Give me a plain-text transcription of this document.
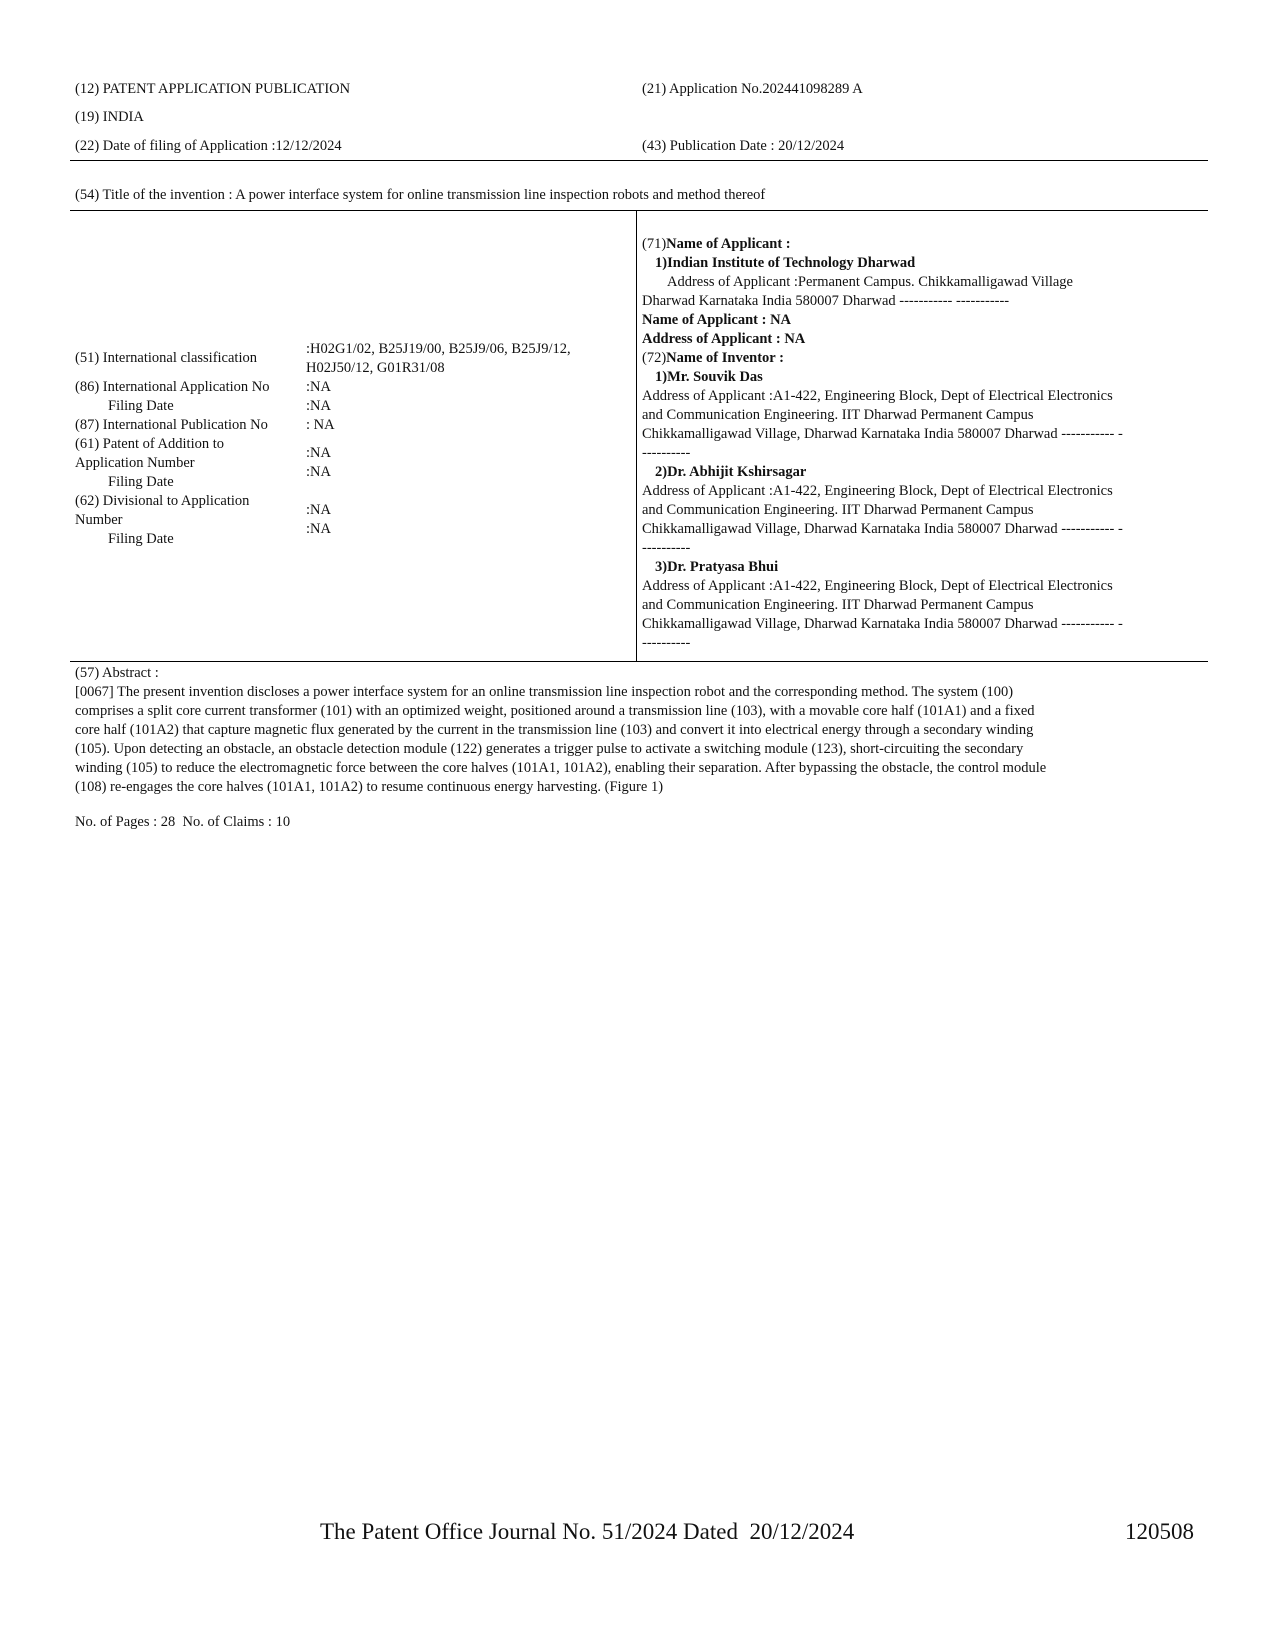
(12) PATENT APPLICATION PUBLICATION
(19) INDIA
(22) Date of filing of Application :12/12/2024
(21) Application No.202441098289 A
(43) Publication Date : 20/12/2024
(54) Title of the invention : A power interface system for online transmission line inspection robots and method thereof
(51) International classification
:H02G1/02, B25J19/00, B25J9/06, B25J9/12,
H02J50/12, G01R31/08
(86) International Application No	:NA
Filing Date	:NA
(87) International Publication No	: NA
(61) Patent of Addition to
Application Number
:NA
Filing Date
:NA
(62) Divisional to Application
Number
:NA
Filing Date
:NA
(71)Name of Applicant :
1)Indian Institute of Technology Dharwad
Address of Applicant :Permanent Campus. Chikkamalligawad Village
Dharwad Karnataka India 580007 Dharwad ----------- -----------
Name of Applicant : NA
Address of Applicant : NA
(72)Name of Inventor :
1)Mr. Souvik Das
Address of Applicant :A1-422, Engineering Block, Dept of Electrical Electronics
and Communication Engineering. IIT Dharwad Permanent Campus
Chikkamalligawad Village, Dharwad Karnataka India 580007 Dharwad ----------- -
----------
2)Dr. Abhijit Kshirsagar
Address of Applicant :A1-422, Engineering Block, Dept of Electrical Electronics
and Communication Engineering. IIT Dharwad Permanent Campus
Chikkamalligawad Village, Dharwad Karnataka India 580007 Dharwad ----------- -
----------
3)Dr. Pratyasa Bhui
Address of Applicant :A1-422, Engineering Block, Dept of Electrical Electronics
and Communication Engineering. IIT Dharwad Permanent Campus
Chikkamalligawad Village, Dharwad Karnataka India 580007 Dharwad ----------- -
----------
(57) Abstract :
[0067] The present invention discloses a power interface system for an online transmission line inspection robot and the corresponding method. The system (100)
comprises a split core current transformer (101) with an optimized weight, positioned around a transmission line (103), with a movable core half (101A1) and a fixed
core half (101A2) that capture magnetic flux generated by the current in the transmission line (103) and convert it into electrical energy through a secondary winding
(105). Upon detecting an obstacle, an obstacle detection module (122) generates a trigger pulse to activate a switching module (123), short-circuiting the secondary
winding (105) to reduce the electromagnetic force between the core halves (101A1, 101A2), enabling their separation. After bypassing the obstacle, the control module
(108) re-engages the core halves (101A1, 101A2) to resume continuous energy harvesting. (Figure 1)
No. of Pages : 28  No. of Claims : 10
The Patent Office Journal No. 51/2024 Dated  20/12/2024	120508
